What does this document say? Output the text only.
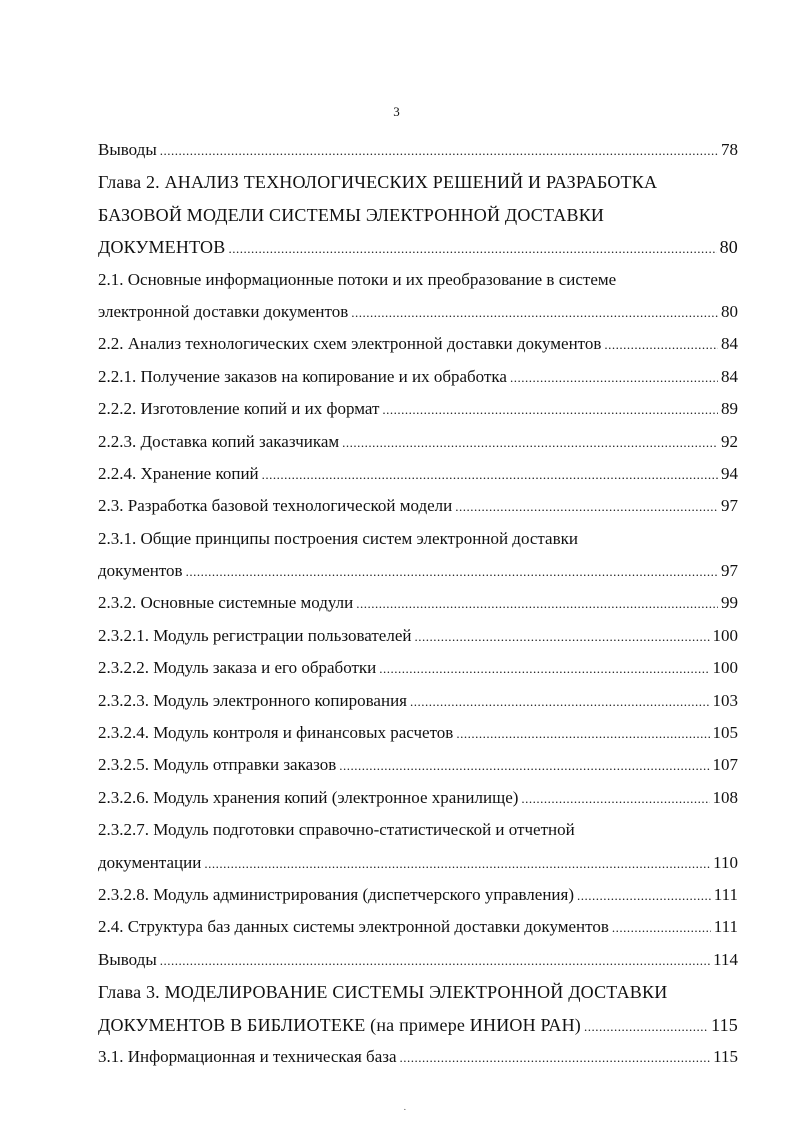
3
Выводы .....	78
Глава 2. АНАЛИЗ ТЕХНОЛОГИЧЕСКИХ РЕШЕНИЙ И РАЗРАБОТКА
БАЗОВОЙ МОДЕЛИ СИСТЕМЫ ЭЛЕКТРОННОЙ ДОСТАВКИ
ДОКУМЕНТОВ .....	80
2.1. Основные информационные потоки и их преобразование в системе
электронной доставки документов .....	80
2.2. Анализ технологических схем электронной доставки документов .....	84
2.2.1. Получение заказов на копирование и их обработка .....	84
2.2.2. Изготовление копий и их формат .....	89
2.2.3. Доставка копий заказчикам .....	92
2.2.4. Хранение копий .....	94
2.3. Разработка базовой технологической модели .....	97
2.3.1. Общие принципы построения систем электронной доставки
документов .....	97
2.3.2. Основные системные модули .....	99
2.3.2.1. Модуль регистрации пользователей .....	100
2.3.2.2. Модуль заказа и его обработки .....	100
2.3.2.3. Модуль электронного копирования .....	103
2.3.2.4. Модуль контроля и финансовых расчетов .....	105
2.3.2.5. Модуль отправки заказов .....	107
2.3.2.6. Модуль хранения копий (электронное хранилище) .....	108
2.3.2.7. Модуль подготовки справочно-статистической и отчетной
документации .....	110
2.3.2.8. Модуль администрирования (диспетчерского управления) .....	111
2.4. Структура баз данных системы электронной доставки документов .....	111
Выводы .....	114
Глава 3. МОДЕЛИРОВАНИЕ СИСТЕМЫ ЭЛЕКТРОННОЙ ДОСТАВКИ
ДОКУМЕНТОВ В БИБЛИОТЕКЕ (на примере ИНИОН РАН) .....	115
3.1. Информационная и техническая база .....	115
˙
